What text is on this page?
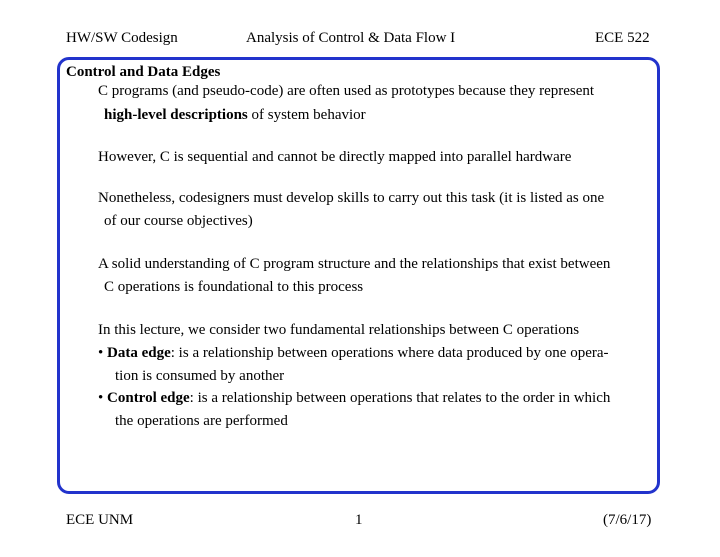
HW/SW Codesign	Analysis of Control & Data Flow I	ECE 522
Control and Data Edges
C programs (and pseudo-code) are often used as prototypes because they represent
high-level descriptions of system behavior
However, C is sequential and cannot be directly mapped into parallel hardware
Nonetheless, codesigners must develop skills to carry out this task (it is listed as one
of our course objectives)
A solid understanding of C program structure and the relationships that exist between
C operations is foundational to this process
In this lecture, we consider two fundamental relationships between C operations
• Data edge: is a relationship between operations where data produced by one opera-
tion is consumed by another
• Control edge: is a relationship between operations that relates to the order in which
the operations are performed
ECE UNM	1	(7/6/17)
